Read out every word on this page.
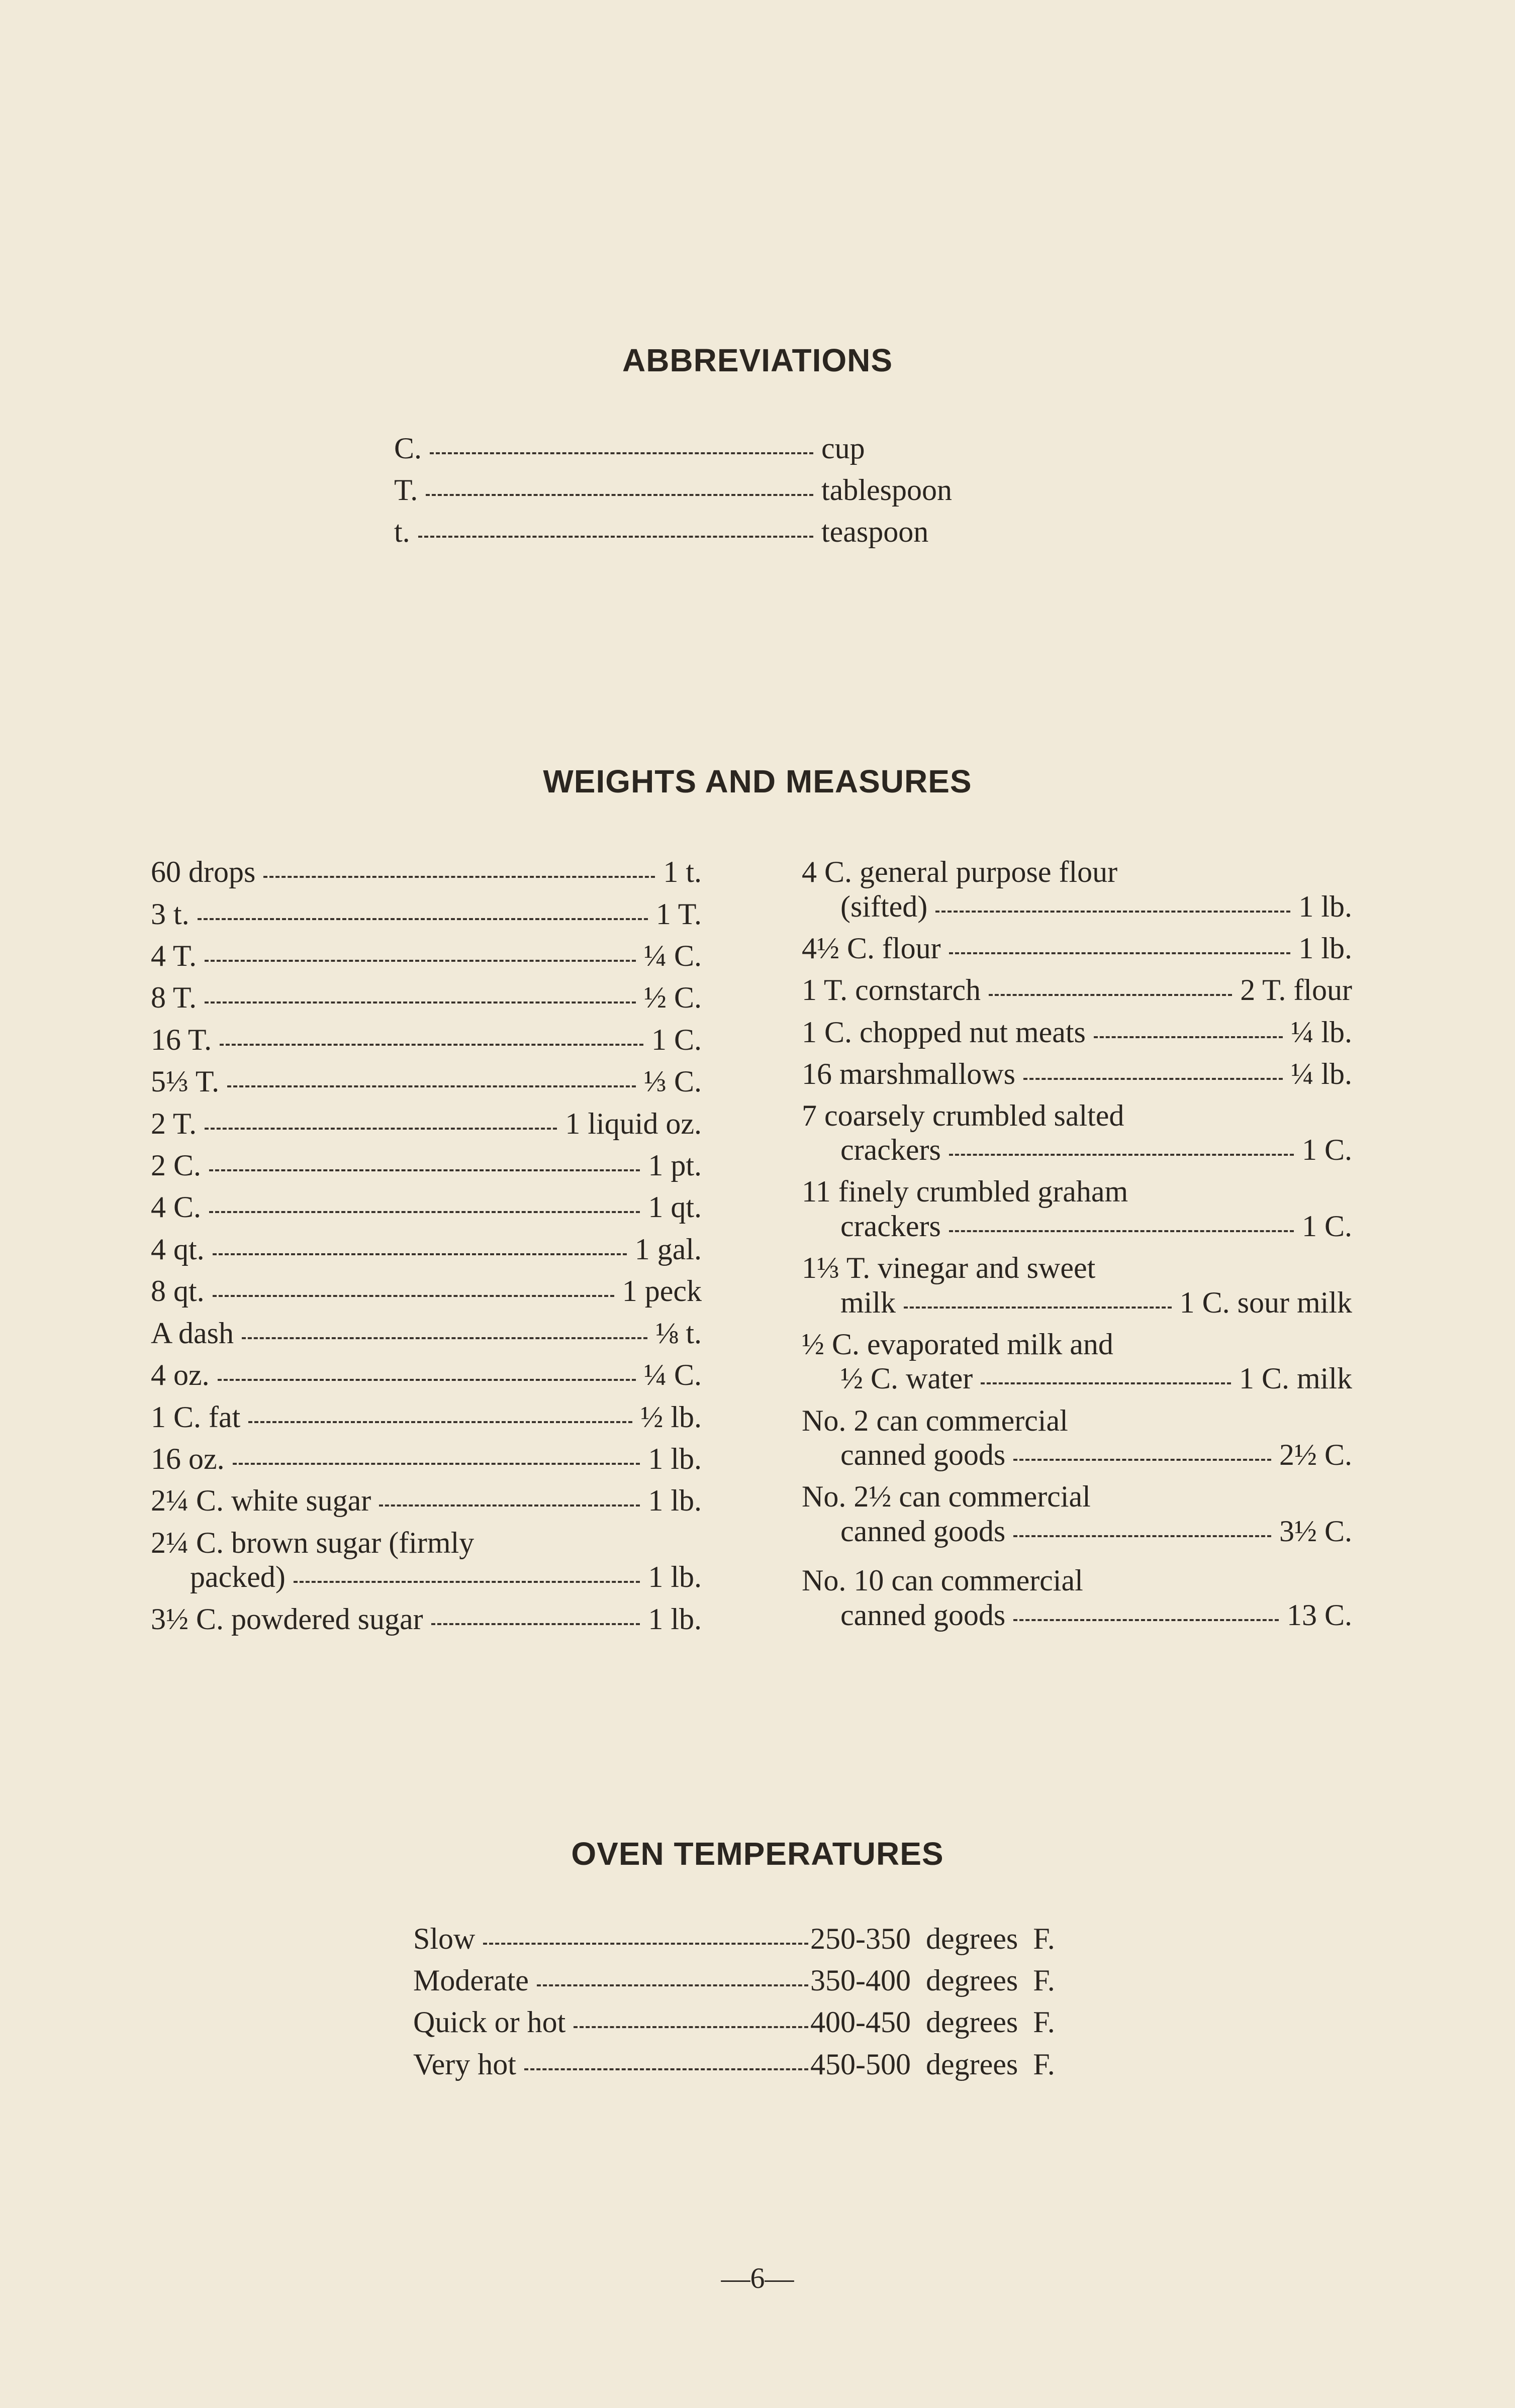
ABBREVIATIONS
C.	cup
T.	tablespoon
t.	teaspoon
WEIGHTS AND MEASURES
60 drops	1 t.
3 t.	1 T.
4 T.	¼ C.
8 T.	½ C.
16 T.	1 C.
5⅓ T.	⅓ C.
2 T.	1 liquid oz.
2 C.	1 pt.
4 C.	1 qt.
4 qt.	1 gal.
8 qt.	1 peck
A dash	⅛ t.
4 oz.	¼ C.
1 C. fat	½ lb.
16 oz.	1 lb.
2¼ C. white sugar	1 lb.
2¼ C. brown sugar (firmly
packed)	1 lb.
3½ C. powdered sugar	1 lb.
4 C. general purpose flour
(sifted)	1 lb.
4½ C. flour	1 lb.
1 T. cornstarch	2 T. flour
1 C. chopped nut meats	¼ lb.
16 marshmallows	¼ lb.
7 coarsely crumbled salted
crackers	1 C.
11 finely crumbled graham
crackers	1 C.
1⅓ T. vinegar and sweet
milk	1 C. sour milk
½ C. evaporated milk and
½ C. water	1 C. milk
No. 2 can commercial
canned goods	2½ C.
No. 2½ can commercial
canned goods	3½ C.
No. 10 can commercial
canned goods	13 C.
OVEN TEMPERATURES
Slow	250-350  degrees  F.
Moderate	350-400  degrees  F.
Quick or hot	400-450  degrees  F.
Very hot	450-500  degrees  F.
—6—
